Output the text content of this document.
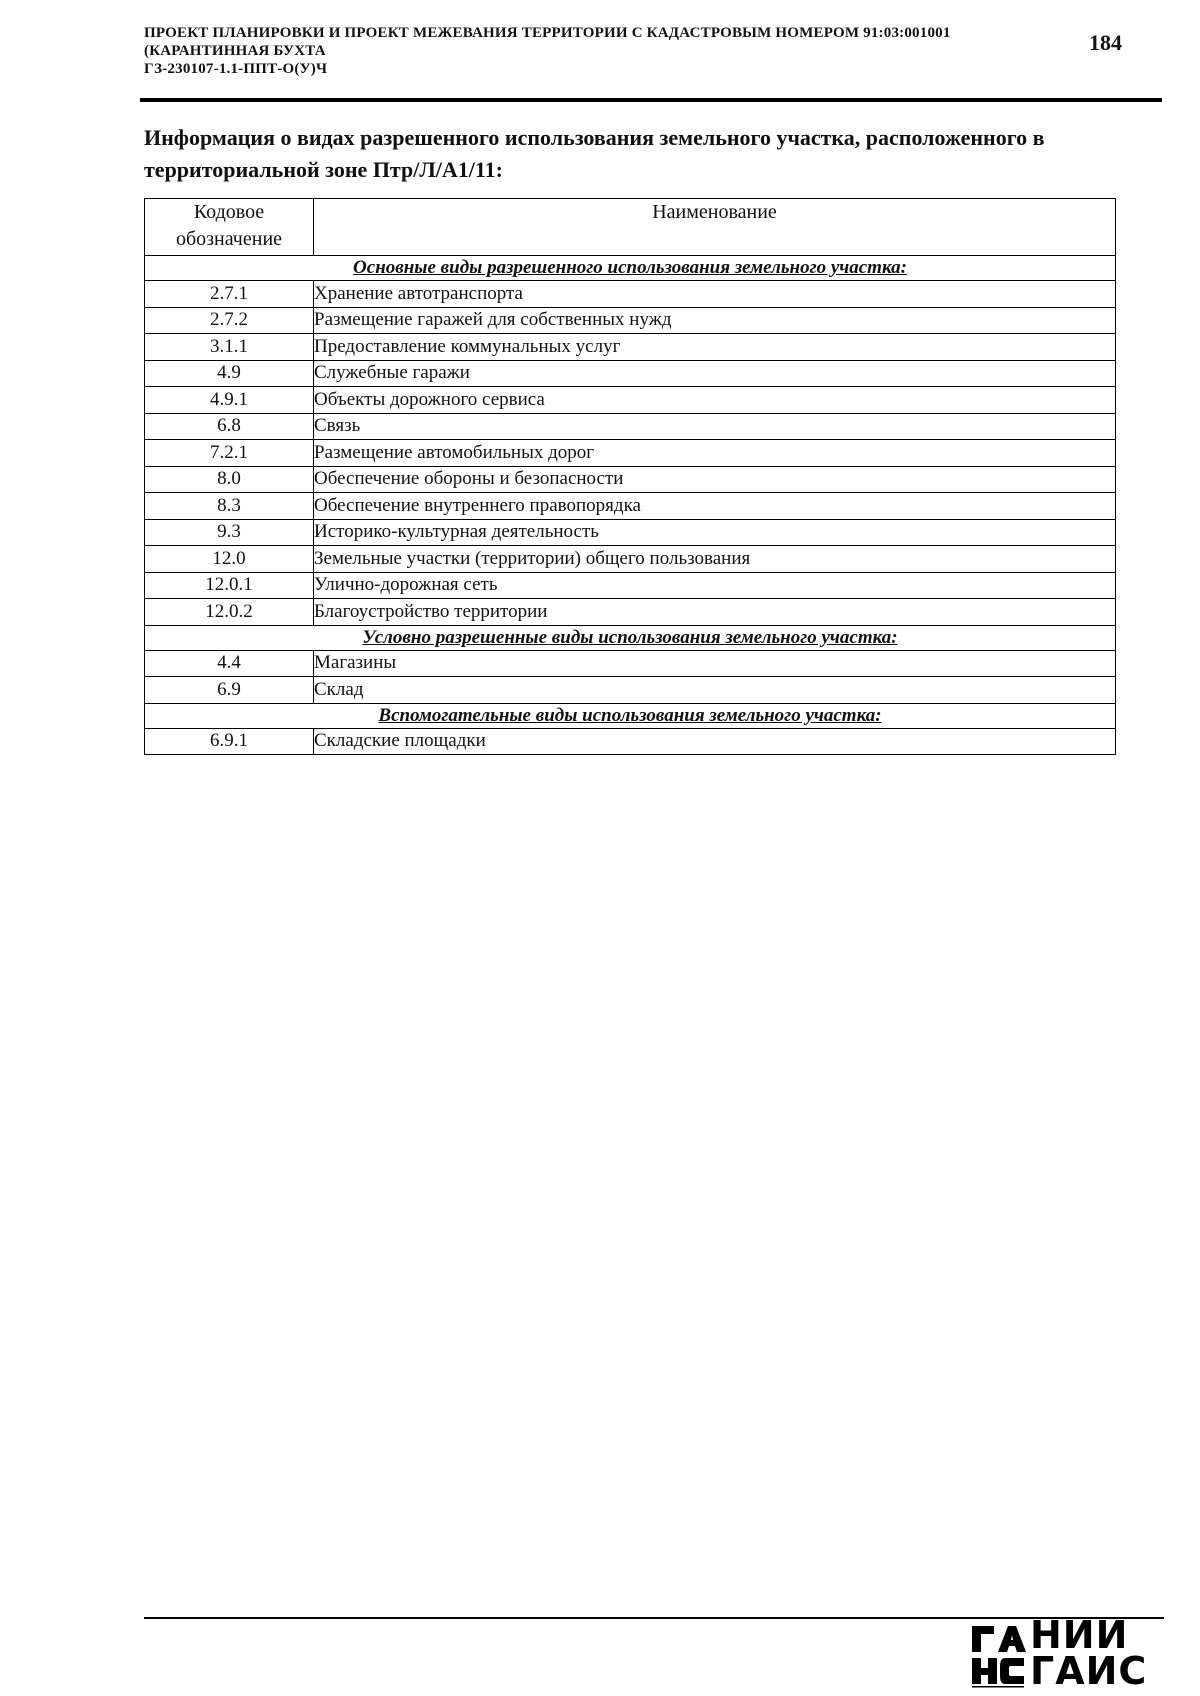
ПРОЕКТ ПЛАНИРОВКИ И ПРОЕКТ МЕЖЕВАНИЯ ТЕРРИТОРИИ С КАДАСТРОВЫМ НОМЕРОМ 91:03:001001
(КАРАНТИННАЯ БУХТА
ГЗ-230107-1.1-ППТ-О(У)Ч
184
Информация о видах разрешенного использования земельного участка, расположенного в территориальной зоне Птр/Л/А1/11:
Кодовое обозначение	Наименование
Основные виды разрешенного использования земельного участка:	
2.7.1	Хранение автотранспорта
2.7.2	Размещение гаражей для собственных нужд
3.1.1	Предоставление коммунальных услуг
4.9	Служебные гаражи
4.9.1	Объекты дорожного сервиса
6.8	Связь
7.2.1	Размещение автомобильных дорог
8.0	Обеспечение обороны и безопасности
8.3	Обеспечение внутреннего правопорядка
9.3	Историко-культурная деятельность
12.0	Земельные участки (территории) общего пользования
12.0.1	Улично-дорожная сеть
12.0.2	Благоустройство территории
Условно разрешенные виды использования земельного участка:	
4.4	Магазины
6.9	Склад
Вспомогательные виды использования земельного участка:	
6.9.1	Складские площадки
НИИ
ГАИС
